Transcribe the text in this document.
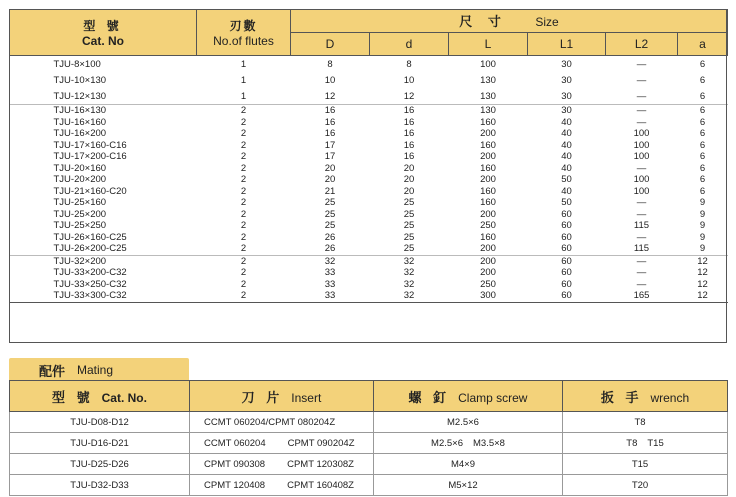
型 號
Cat. No	刃數
No.of flutes	尺 寸 Size					
		D	d	L	L1	L2	a
TJU-8×100	1	8	8	100	30	—	6
TJU-10×130	1	10	10	130	30	—	6
TJU-12×130	1	12	12	130	30	—	6
TJU-16×130	2	16	16	130	30	—	6
TJU-16×160	2	16	16	160	40	—	6
TJU-16×200	2	16	16	200	40	100	6
TJU-17×160-C16	2	17	16	160	40	100	6
TJU-17×200-C16	2	17	16	200	40	100	6
TJU-20×160	2	20	20	160	40	—	6
TJU-20×200	2	20	20	200	50	100	6
TJU-21×160-C20	2	21	20	160	40	100	6
TJU-25×160	2	25	25	160	50	—	9
TJU-25×200	2	25	25	200	60	—	9
TJU-25×250	2	25	25	250	60	115	9
TJU-26×160-C25	2	26	25	160	60	—	9
TJU-26×200-C25	2	26	25	200	60	115	9
TJU-32×200	2	32	32	200	60	—	12
TJU-33×200-C32	2	33	32	200	60	—	12
TJU-33×250-C32	2	33	32	250	60	—	12
TJU-33×300-C32	2	33	32	300	60	165	12
配件 Mating
型 號 Cat. No.	刀 片 Insert	螺 釘 Clamp screw	扳 手 wrench
TJU-D08-D12	CCMT 060204/CPMT 080204Z	M2.5×6	T8
TJU-D16-D21	CCMT 060204 CPMT 090204Z	M2.5×6 M3.5×8	T8 T15
TJU-D25-D26	CPMT 090308 CPMT 120308Z	M4×9	T15
TJU-D32-D33	CPMT 120408 CPMT 160408Z	M5×12	T20
